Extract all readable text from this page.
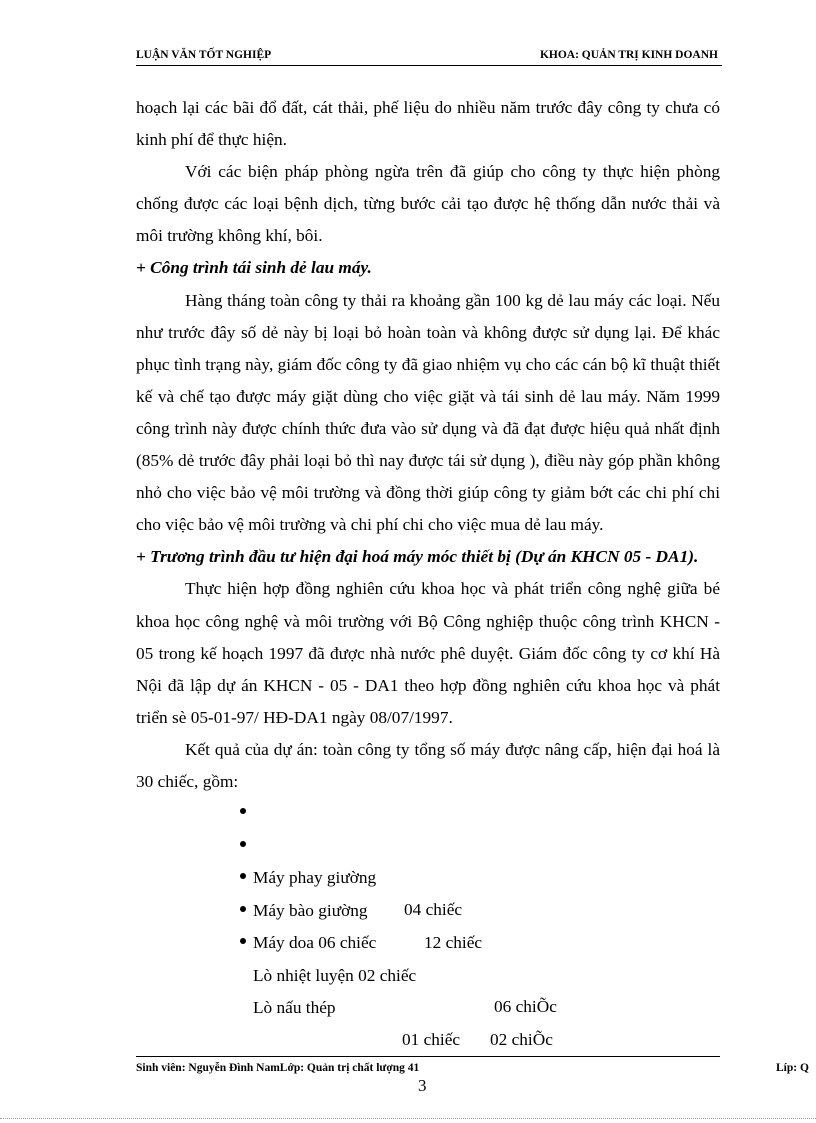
LUẬN VĂN TỐT NGHIỆP	KHOA: QUẢN TRỊ KINH DOANH

hoạch lại các bãi đổ đất, cát thải, phế liệu do nhiều năm trước đây công ty chưa có kinh phí để thực hiện.

Với các biện pháp phòng ngừa trên đã giúp cho công ty thực hiện phòng chống được các loại bệnh dịch, từng bước cải tạo được hệ thống dẫn nước thải và môi trường không khí, bôi.

+ Công trình tái sinh dẻ lau máy.

Hàng tháng toàn công ty thải ra khoảng gần 100 kg dẻ lau máy các loại. Nếu như trước đây số dẻ này bị loại bỏ hoàn toàn và không được sử dụng lại. Để khác phục tình trạng này, giám đốc công ty đã giao nhiệm vụ cho các cán bộ kĩ thuật thiết kế và chế tạo được máy giặt dùng cho việc giặt và tái sinh dẻ lau máy. Năm 1999 công trình này được chính thức đưa vào sử dụng và đã đạt được hiệu quả nhất định (85% dẻ trước đây phải loại bỏ thì nay được tái sử dụng ), điều này góp phần không nhỏ cho việc bảo vệ môi trường và đồng thời giúp công ty giảm bớt các chi phí chi cho việc bảo vệ môi trường và chi phí chi cho việc mua dẻ lau máy.

+ Trương trình đầu tư hiện đại hoá máy móc thiết bị (Dự án KHCN 05 - DA1).

Thực hiện hợp đồng nghiên cứu khoa học và phát triển công nghệ giữa bé khoa học công nghệ và môi trường với Bộ Công nghiệp thuộc công trình KHCN - 05 trong kế hoạch 1997 đã được nhà nước phê duyệt. Giám đốc công ty cơ khí Hà Nội đã lập dự án KHCN - 05 - DA1 theo hợp đồng nghiên cứu khoa học và phát triển sè 05-01-97/ HĐ-DA1 ngày 08/07/1997.

Kết quả của dự án: toàn công ty tổng số máy được nâng cấp, hiện đại hoá là 30 chiếc, gồm:

Máy phay giường

04 chiếc

Máy bào giường

12 chiếc

Máy doa 06 chiếc

06 chiÕc

Lò nhiệt luyện 02 chiếc

02 chiÕc

Lò nấu thép

01 chiếc

Sinh viên: Nguyễn Đình NamLớp: Quản trị chất lượng 41	Líp: Q
3
